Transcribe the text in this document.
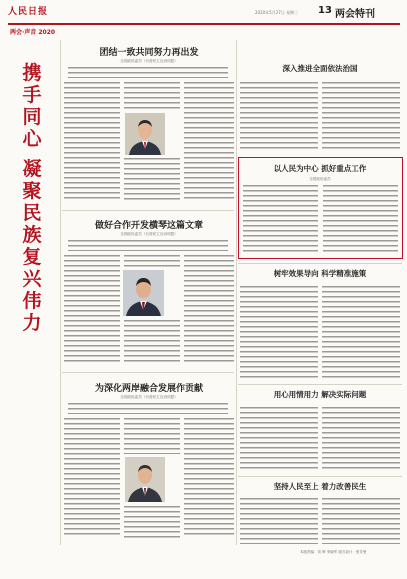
人民日报	2020年5月27日 星期三 13 两会特刊
两会·声音 2020
携
手
同
心
凝
聚
民
族
复
兴
伟
力
团结一致共同努力再出发
全国政协委员（台湾民主自治同盟）
做好合作开发横琴这篇文章
全国政协委员（台湾民主自治同盟）
为深化两岸融合发展作贡献
全国政协委员（台湾民主自治同盟）
深入推进全面依法治国
以人民为中心 抓好重点工作
全国政协委员
树牢效果导向 科学精准施策
用心用情用力 解决实际问题
坚持人民至上 着力改善民生
本版责编：刘 晖 李晓军 版式设计：张芳曼
